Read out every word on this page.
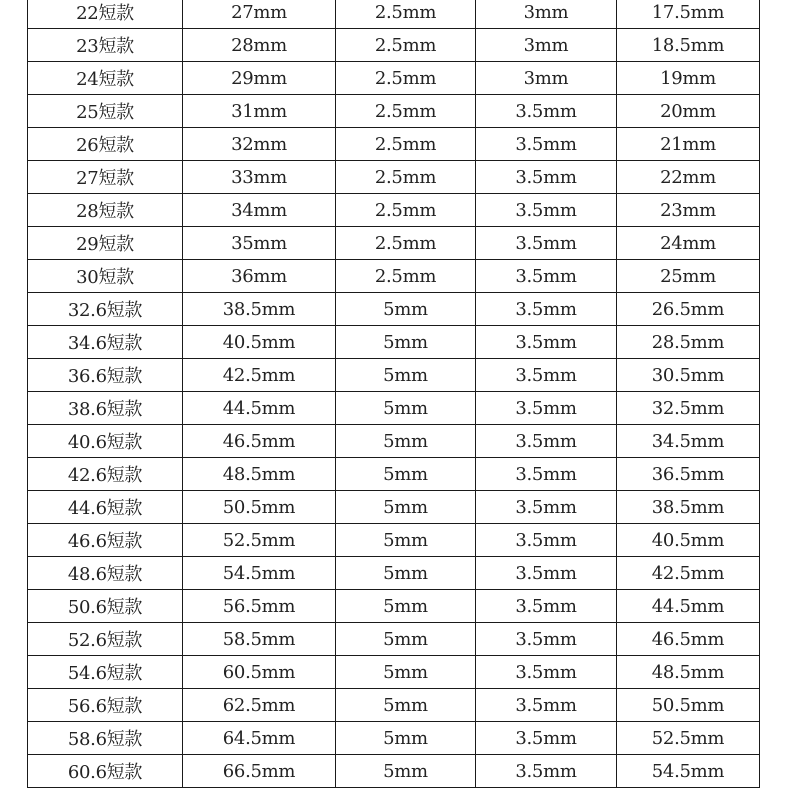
22短款	27mm	2.5mm	3mm	17.5mm
23短款	28mm	2.5mm	3mm	18.5mm
24短款	29mm	2.5mm	3mm	19mm
25短款	31mm	2.5mm	3.5mm	20mm
26短款	32mm	2.5mm	3.5mm	21mm
27短款	33mm	2.5mm	3.5mm	22mm
28短款	34mm	2.5mm	3.5mm	23mm
29短款	35mm	2.5mm	3.5mm	24mm
30短款	36mm	2.5mm	3.5mm	25mm
32.6短款	38.5mm	5mm	3.5mm	26.5mm
34.6短款	40.5mm	5mm	3.5mm	28.5mm
36.6短款	42.5mm	5mm	3.5mm	30.5mm
38.6短款	44.5mm	5mm	3.5mm	32.5mm
40.6短款	46.5mm	5mm	3.5mm	34.5mm
42.6短款	48.5mm	5mm	3.5mm	36.5mm
44.6短款	50.5mm	5mm	3.5mm	38.5mm
46.6短款	52.5mm	5mm	3.5mm	40.5mm
48.6短款	54.5mm	5mm	3.5mm	42.5mm
50.6短款	56.5mm	5mm	3.5mm	44.5mm
52.6短款	58.5mm	5mm	3.5mm	46.5mm
54.6短款	60.5mm	5mm	3.5mm	48.5mm
56.6短款	62.5mm	5mm	3.5mm	50.5mm
58.6短款	64.5mm	5mm	3.5mm	52.5mm
60.6短款	66.5mm	5mm	3.5mm	54.5mm
